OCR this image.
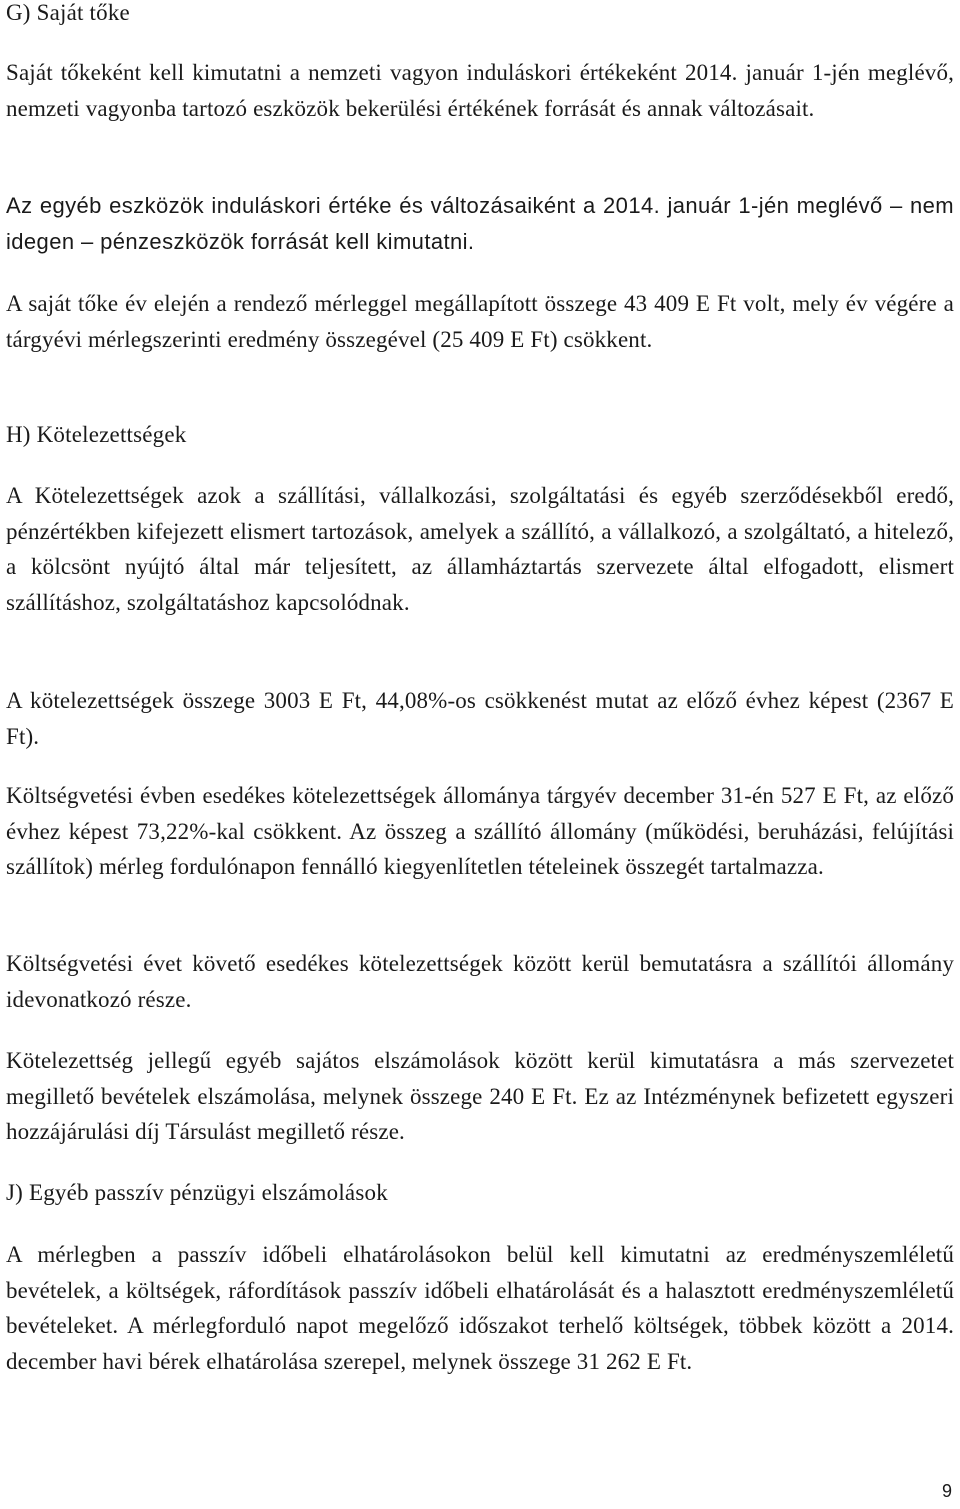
G) Saját tőke

Saját tőkeként kell kimutatni a nemzeti vagyon induláskori értékeként 2014. január 1-jén meglévő, nemzeti vagyonba tartozó eszközök bekerülési értékének forrását és annak változásait.

Az egyéb eszközök induláskori értéke és változásaiként a 2014. január 1-jén meglévő – nem idegen – pénzeszközök forrását kell kimutatni.

A saját tőke év elején a rendező mérleggel megállapított összege 43 409 E Ft volt, mely év végére a tárgyévi mérlegszerinti eredmény összegével (25 409 E Ft) csökkent.

H) Kötelezettségek

A Kötelezettségek azok a szállítási, vállalkozási, szolgáltatási és egyéb szerződésekből eredő, pénzértékben kifejezett elismert tartozások, amelyek a szállító, a vállalkozó, a szolgáltató, a hitelező, a kölcsönt nyújtó által már teljesített, az államháztartás szervezete által elfogadott, elismert szállításhoz, szolgáltatáshoz kapcsolódnak.

A kötelezettségek összege 3003 E Ft, 44,08%-os csökkenést mutat az előző évhez képest (2367 E Ft).

Költségvetési évben esedékes kötelezettségek állománya tárgyév december 31-én 527 E Ft, az előző évhez képest 73,22%-kal csökkent. Az összeg a szállító állomány (működési, beruházási, felújítási szállítok) mérleg fordulónapon fennálló kiegyenlítetlen tételeinek összegét tartalmazza.

Költségvetési évet követő esedékes kötelezettségek között kerül bemutatásra a szállítói állomány idevonatkozó része.

Kötelezettség jellegű egyéb sajátos elszámolások között kerül kimutatásra a más szervezetet megillető bevételek elszámolása, melynek összege 240 E Ft. Ez az Intézménynek befizetett egyszeri hozzájárulási díj Társulást megillető része.

J) Egyéb passzív pénzügyi elszámolások

A mérlegben a passzív időbeli elhatárolásokon belül kell kimutatni az eredményszemléletű bevételek, a költségek, ráfordítások passzív időbeli elhatárolását és a halasztott eredményszemléletű bevételeket. A mérlegforduló napot megelőző időszakot terhelő költségek, többek között a 2014. december havi bérek elhatárolása szerepel, melynek összege 31 262 E Ft.

9
